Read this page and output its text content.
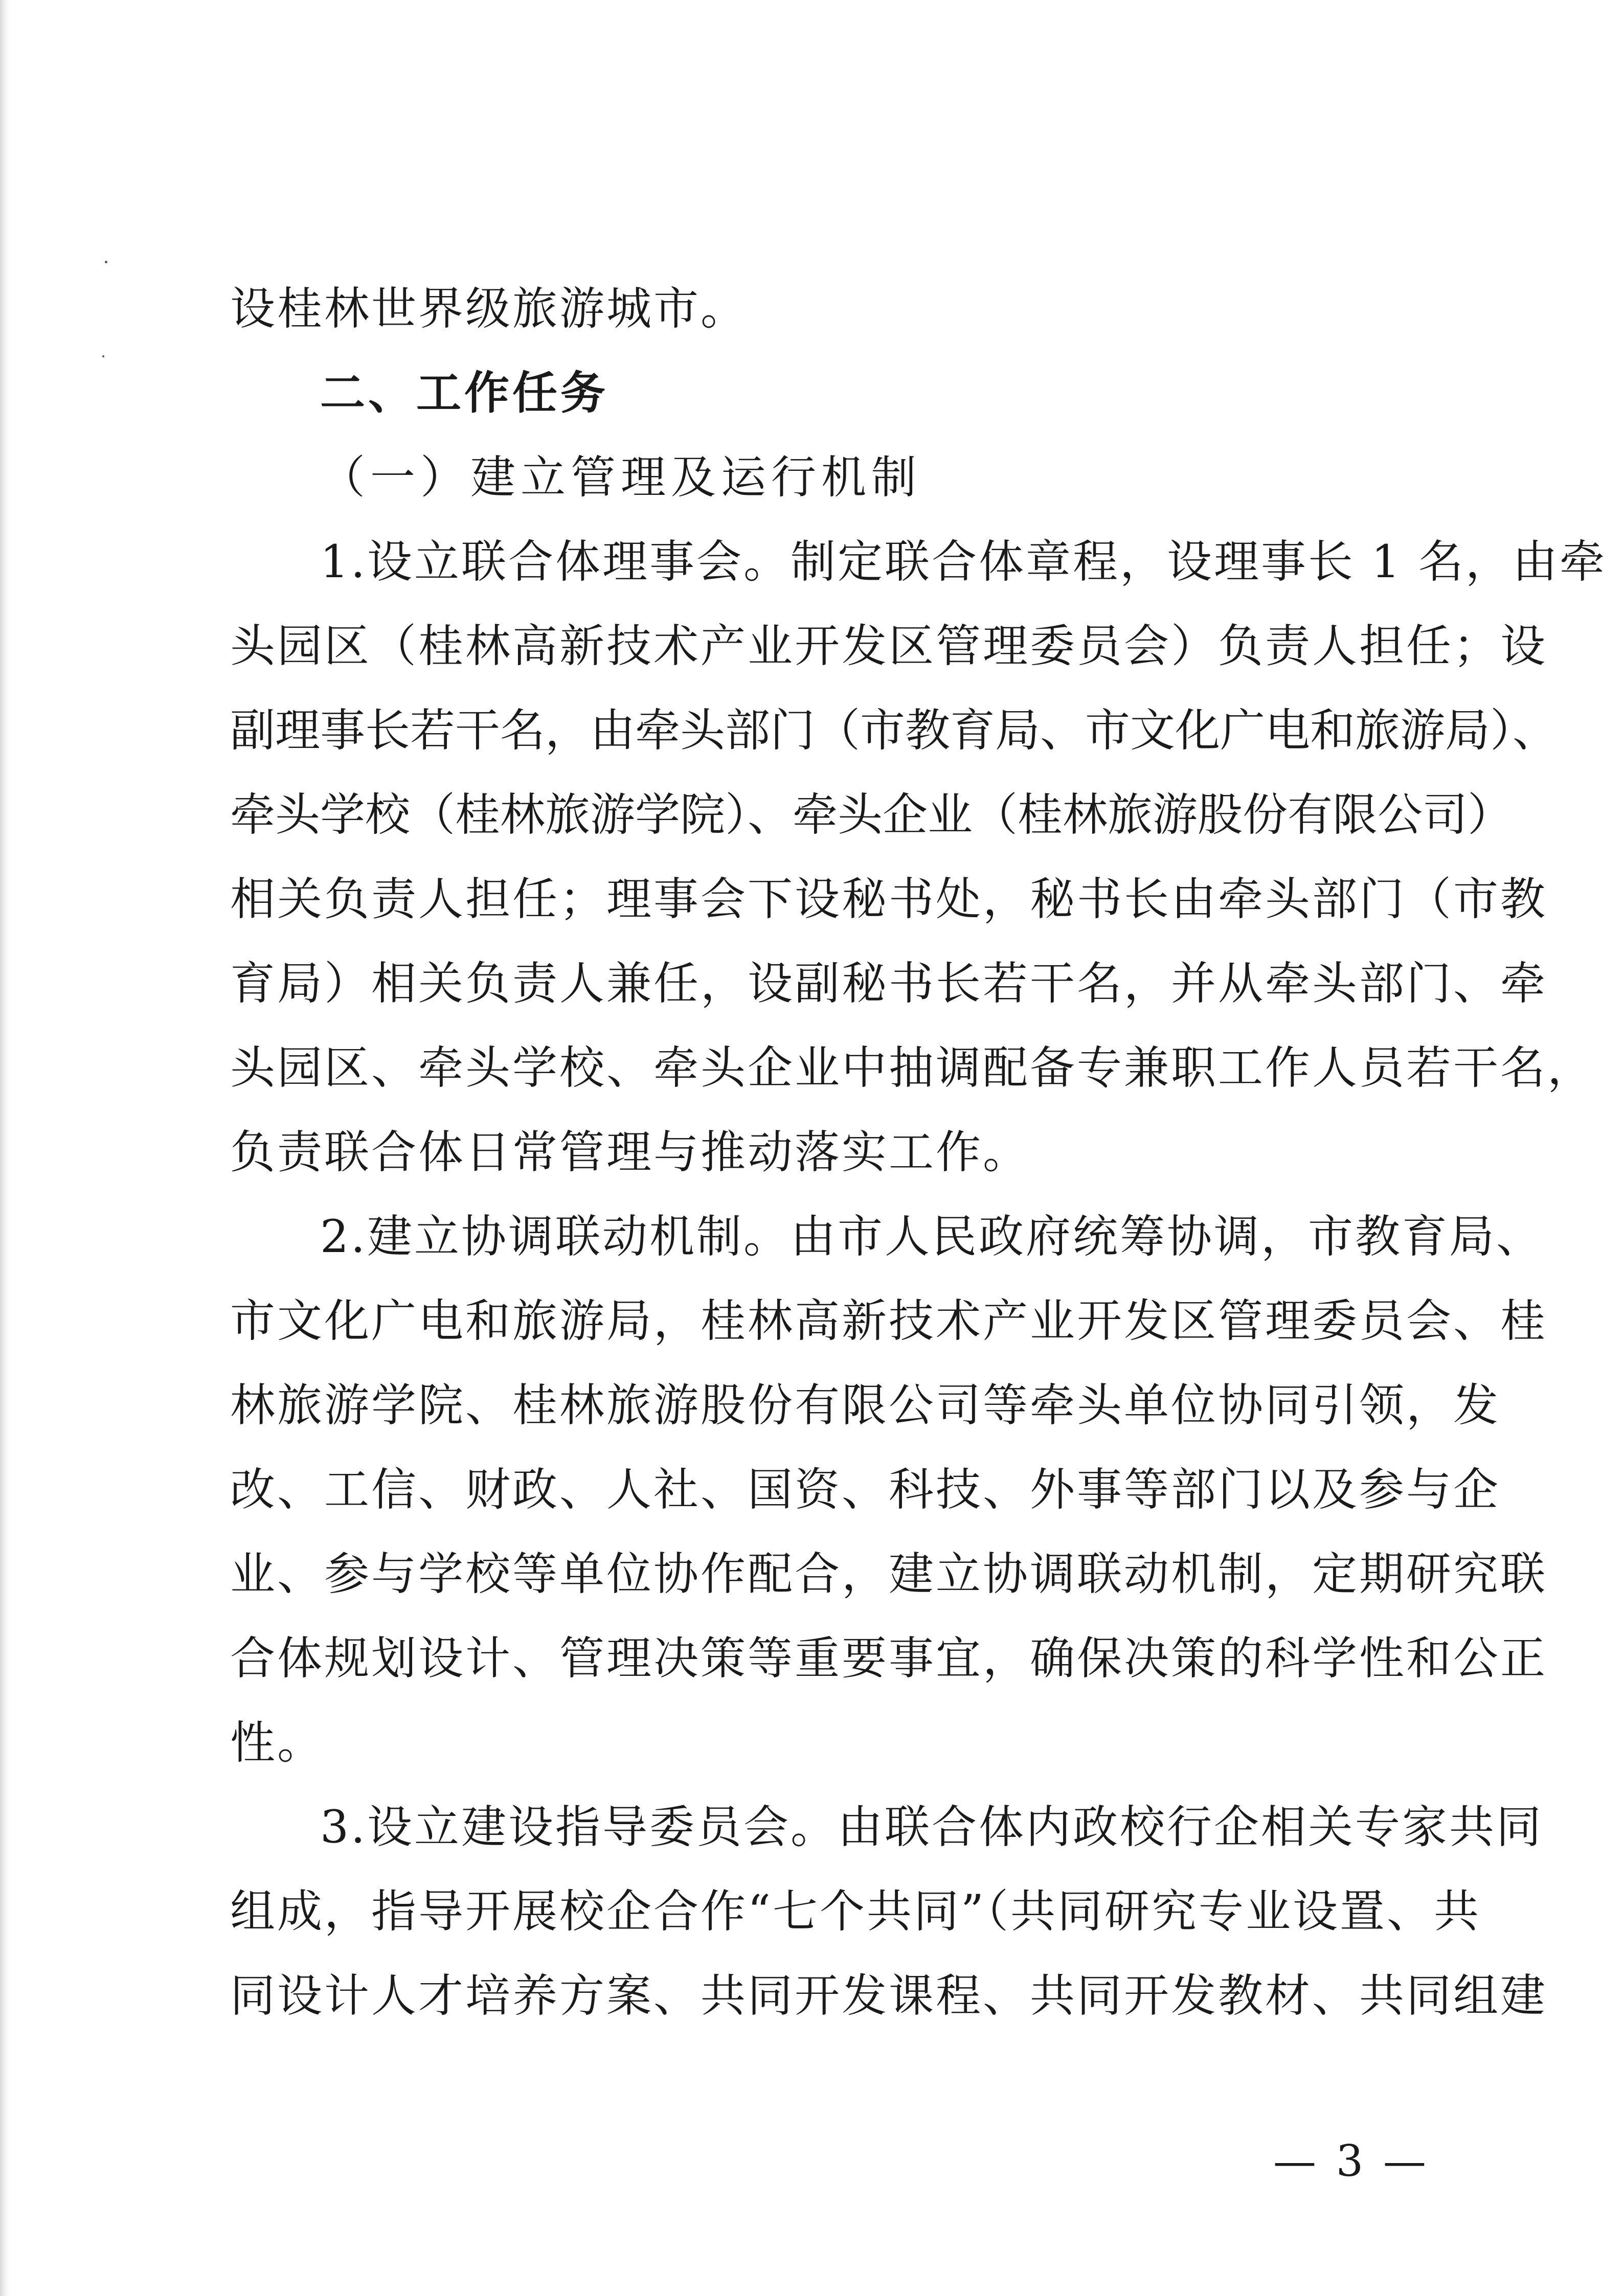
设桂林世界级旅游城市。
二、工作任务
（一）建立管理及运行机制
1.设立联合体理事会。制定联合体章程，设理事长 1 名，由牵
头园区（桂林高新技术产业开发区管理委员会）负责人担任；设
副理事长若干名，由牵头部门（市教育局、市文化广电和旅游局）、
牵头学校（桂林旅游学院）、牵头企业（桂林旅游股份有限公司）
相关负责人担任；理事会下设秘书处，秘书长由牵头部门（市教
育局）相关负责人兼任，设副秘书长若干名，并从牵头部门、牵
头园区、牵头学校、牵头企业中抽调配备专兼职工作人员若干名，
负责联合体日常管理与推动落实工作。
2.建立协调联动机制。由市人民政府统筹协调，市教育局、
市文化广电和旅游局，桂林高新技术产业开发区管理委员会、桂
林旅游学院、桂林旅游股份有限公司等牵头单位协同引领，发
改、工信、财政、人社、国资、科技、外事等部门以及参与企
业、参与学校等单位协作配合，建立协调联动机制，定期研究联
合体规划设计、管理决策等重要事宜，确保决策的科学性和公正
性。
3.设立建设指导委员会。由联合体内政校行企相关专家共同
组成，指导开展校企合作“七个共同”（共同研究专业设置、共
同设计人才培养方案、共同开发课程、共同开发教材、共同组建
— 3 —
